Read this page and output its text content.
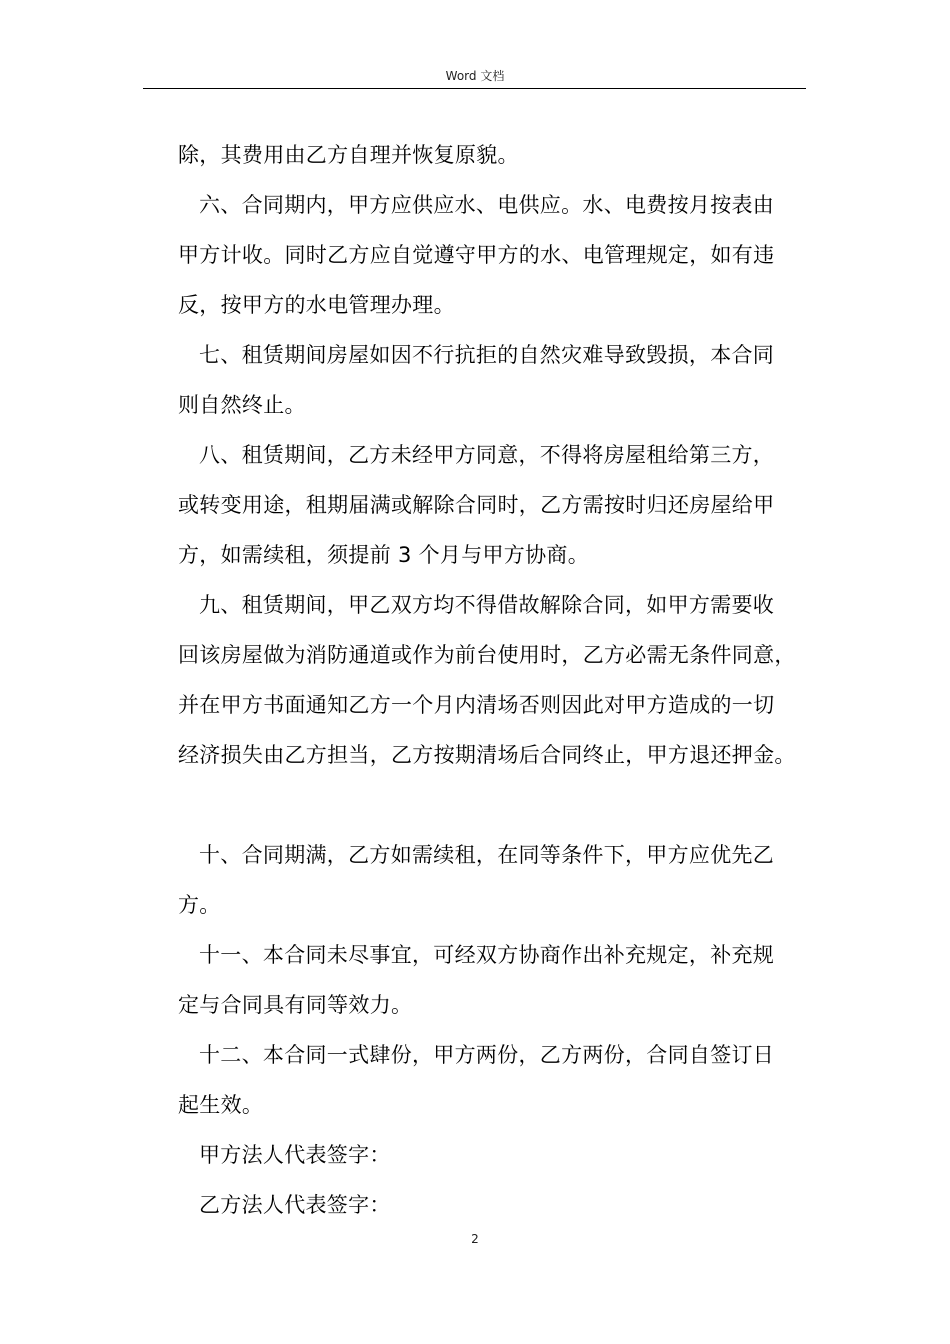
Word 文档
除，其费用由乙方自理并恢复原貌。
六、合同期内，甲方应供应水、电供应。水、电费按月按表由
甲方计收。同时乙方应自觉遵守甲方的水、电管理规定，如有违
反，按甲方的水电管理办理。
七、租赁期间房屋如因不行抗拒的自然灾难导致毁损，本合同
则自然终止。
八、租赁期间，乙方未经甲方同意，不得将房屋租给第三方，
或转变用途，租期届满或解除合同时，乙方需按时归还房屋给甲
方，如需续租，须提前 3 个月与甲方协商。
九、租赁期间，甲乙双方均不得借故解除合同，如甲方需要收
回该房屋做为消防通道或作为前台使用时，乙方必需无条件同意，
并在甲方书面通知乙方一个月内清场否则因此对甲方造成的一切
经济损失由乙方担当，乙方按期清场后合同终止，甲方退还押金。
十、合同期满，乙方如需续租，在同等条件下，甲方应优先乙
方。
十一、本合同未尽事宜，可经双方协商作出补充规定，补充规
定与合同具有同等效力。
十二、本合同一式肆份，甲方两份，乙方两份，合同自签订日
起生效。
甲方法人代表签字：
乙方法人代表签字：
2
